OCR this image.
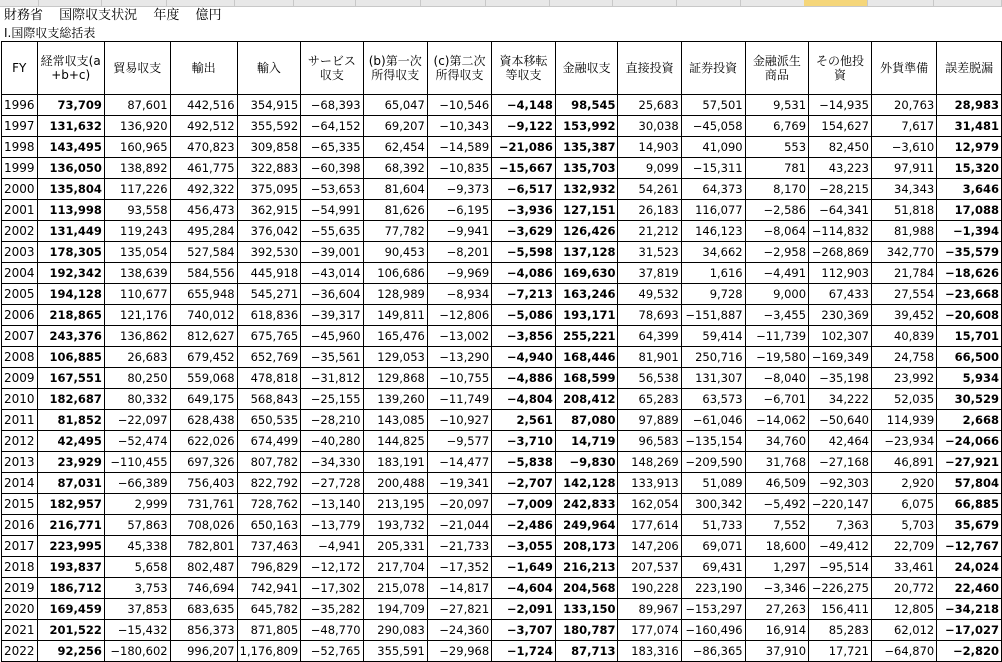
財務省 国際収支状況 年度 億円
Ⅰ.国際収支総括表
FY	経常収支(a+b+c)	貿易収支	輸出	輸入	サービス収支	(b)第一次所得収支	(c)第二次所得収支	資本移転等収支	金融収支	直接投資	証券投資	金融派生商品	その他投資	外貨準備	誤差脱漏
1996	73,709	87,601	442,516	354,915	−68,393	65,047	−10,546	−4,148	98,545	25,683	57,501	9,531	−14,935	20,763	28,983
1997	131,632	136,920	492,512	355,592	−64,152	69,207	−10,343	−9,122	153,992	30,038	−45,058	6,769	154,627	7,617	31,481
1998	143,495	160,965	470,823	309,858	−65,335	62,454	−14,589	−21,086	135,387	14,903	41,090	553	82,450	−3,610	12,979
1999	136,050	138,892	461,775	322,883	−60,398	68,392	−10,835	−15,667	135,703	9,099	−15,311	781	43,223	97,911	15,320
2000	135,804	117,226	492,322	375,095	−53,653	81,604	−9,373	−6,517	132,932	54,261	64,373	8,170	−28,215	34,343	3,646
2001	113,998	93,558	456,473	362,915	−54,991	81,626	−6,195	−3,936	127,151	26,183	116,077	−2,586	−64,341	51,818	17,088
2002	131,449	119,243	495,284	376,042	−55,635	77,782	−9,941	−3,629	126,426	21,212	146,123	−8,064	−114,832	81,988	−1,394
2003	178,305	135,054	527,584	392,530	−39,001	90,453	−8,201	−5,598	137,128	31,523	34,662	−2,958	−268,869	342,770	−35,579
2004	192,342	138,639	584,556	445,918	−43,014	106,686	−9,969	−4,086	169,630	37,819	1,616	−4,491	112,903	21,784	−18,626
2005	194,128	110,677	655,948	545,271	−36,604	128,989	−8,934	−7,213	163,246	49,532	9,728	9,000	67,433	27,554	−23,668
2006	218,865	121,176	740,012	618,836	−39,317	149,811	−12,806	−5,086	193,171	78,693	−151,887	−3,455	230,369	39,452	−20,608
2007	243,376	136,862	812,627	675,765	−45,960	165,476	−13,002	−3,856	255,221	64,399	59,414	−11,739	102,307	40,839	15,701
2008	106,885	26,683	679,452	652,769	−35,561	129,053	−13,290	−4,940	168,446	81,901	250,716	−19,580	−169,349	24,758	66,500
2009	167,551	80,250	559,068	478,818	−31,812	129,868	−10,755	−4,886	168,599	56,538	131,307	−8,040	−35,198	23,992	5,934
2010	182,687	80,332	649,175	568,843	−25,155	139,260	−11,749	−4,804	208,412	65,283	63,573	−6,701	34,222	52,035	30,529
2011	81,852	−22,097	628,438	650,535	−28,210	143,085	−10,927	2,561	87,080	97,889	−61,046	−14,062	−50,640	114,939	2,668
2012	42,495	−52,474	622,026	674,499	−40,280	144,825	−9,577	−3,710	14,719	96,583	−135,154	34,760	42,464	−23,934	−24,066
2013	23,929	−110,455	697,326	807,782	−34,330	183,191	−14,477	−5,838	−9,830	148,269	−209,590	31,768	−27,168	46,891	−27,921
2014	87,031	−66,389	756,403	822,792	−27,728	200,488	−19,341	−2,707	142,128	133,913	51,089	46,509	−92,303	2,920	57,804
2015	182,957	2,999	731,761	728,762	−13,140	213,195	−20,097	−7,009	242,833	162,054	300,342	−5,492	−220,147	6,075	66,885
2016	216,771	57,863	708,026	650,163	−13,779	193,732	−21,044	−2,486	249,964	177,614	51,733	7,552	7,363	5,703	35,679
2017	223,995	45,338	782,801	737,463	−4,941	205,331	−21,733	−3,055	208,173	147,206	69,071	18,600	−49,412	22,709	−12,767
2018	193,837	5,658	802,487	796,829	−12,172	217,704	−17,352	−1,649	216,213	207,537	69,431	1,297	−95,514	33,461	24,024
2019	186,712	3,753	746,694	742,941	−17,302	215,078	−14,817	−4,604	204,568	190,228	223,190	−3,346	−226,275	20,772	22,460
2020	169,459	37,853	683,635	645,782	−35,282	194,709	−27,821	−2,091	133,150	89,967	−153,297	27,263	156,411	12,805	−34,218
2021	201,522	−15,432	856,373	871,805	−48,770	290,083	−24,360	−3,707	180,787	177,074	−160,496	16,914	85,283	62,012	−17,027
2022	92,256	−180,602	996,207	1,176,809	−52,765	355,591	−29,968	−1,724	87,713	183,316	−86,365	37,910	17,721	−64,870	−2,820
